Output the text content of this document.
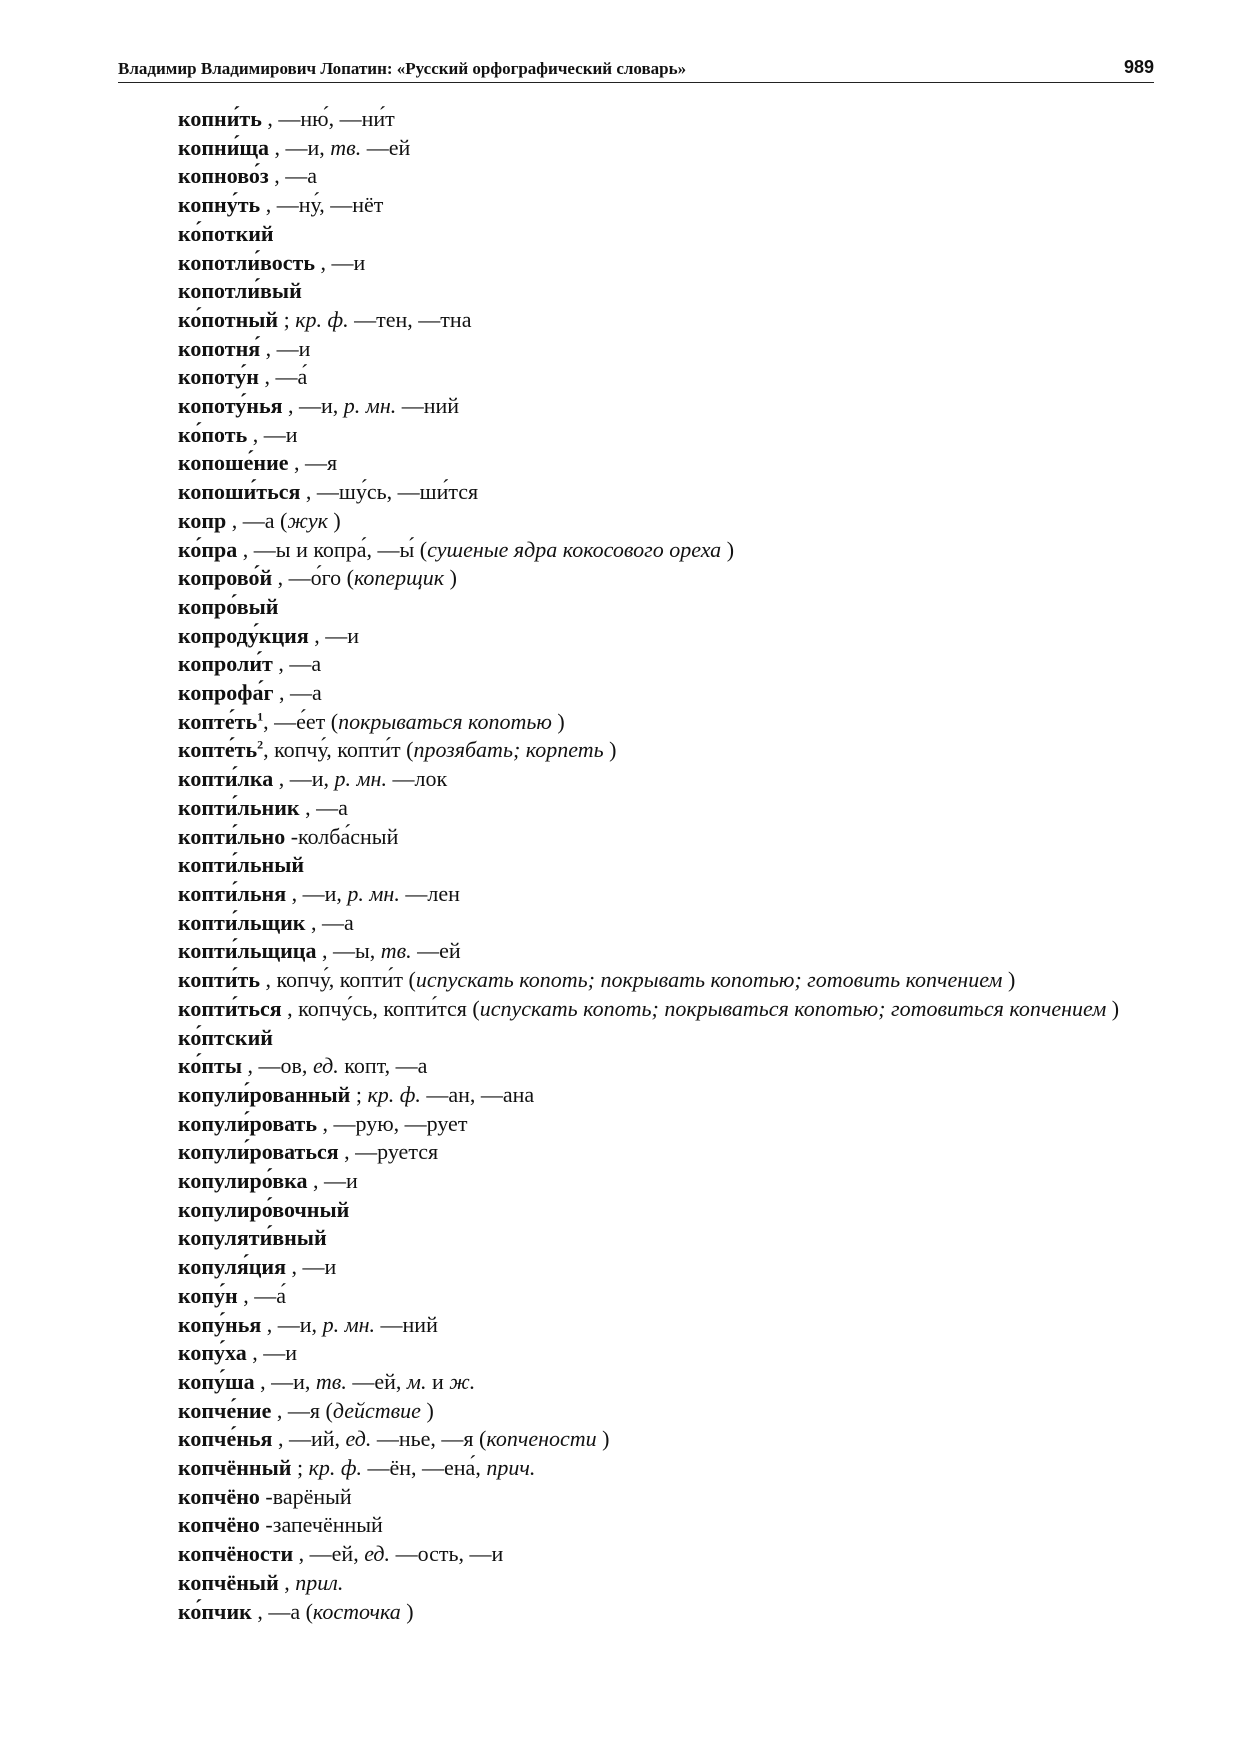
Владимир Владимирович Лопатин: «Русский орфографический словарь»	989
копни́ть , —ню́, —ни́т
копни́ща , —и, тв. —ей
копново́з , —а
копну́ть , —ну́, —нёт
ко́поткий
копотли́вость , —и
копотли́вый
ко́потный ; кр. ф. —тен, —тна
копотня́ , —и
копоту́н , —а́
копоту́нья , —и, р. мн. —ний
ко́поть , —и
копоше́ние , —я
копоши́ться , —шу́сь, —ши́тся
копр , —а (жук )
ко́пра , —ы и копра́, —ы́ (сушеные ядра кокосового ореха )
копрово́й , —о́го (коперщик )
копро́вый
копроду́кция , —и
копроли́т , —а
копрофа́г , —а
$копте́ть^1$, —е́ет (покрываться копотью )
$копте́ть^2$, копчу́, копти́т (прозябать; корпеть )
копти́лка , —и, р. мн. —лок
копти́льник , —а
копти́льно -колба́сный
копти́льный
копти́льня , —и, р. мн. —лен
копти́льщик , —а
копти́льщица , —ы, тв. —ей
копти́ть , копчу́, копти́т (испускать копоть; покрывать копотью; готовить копчением )
копти́ться , копчу́сь, копти́тся (испускать копоть; покрываться копотью; готовиться копчением )
ко́птский
ко́пты , —ов, ед. копт, —а
копули́рованный ; кр. ф. —ан, —ана
копули́ровать , —рую, —рует
копули́роваться , —руется
копулиро́вка , —и
копулиро́вочный
копуляти́вный
копуля́ция , —и
копу́н , —а́
копу́нья , —и, р. мн. —ний
копу́ха , —и
копу́ша , —и, тв. —ей, м. и ж.
копче́ние , —я (действие )
копче́нья , —ий, ед. —нье, —я (копчености )
копчённый ; кр. ф. —ён, —ена́, прич.
копчёно -варёный
копчёно -запечённый
копчёности , —ей, ед. —ость, —и
копчёный , прил.
ко́пчик , —а (косточка )
